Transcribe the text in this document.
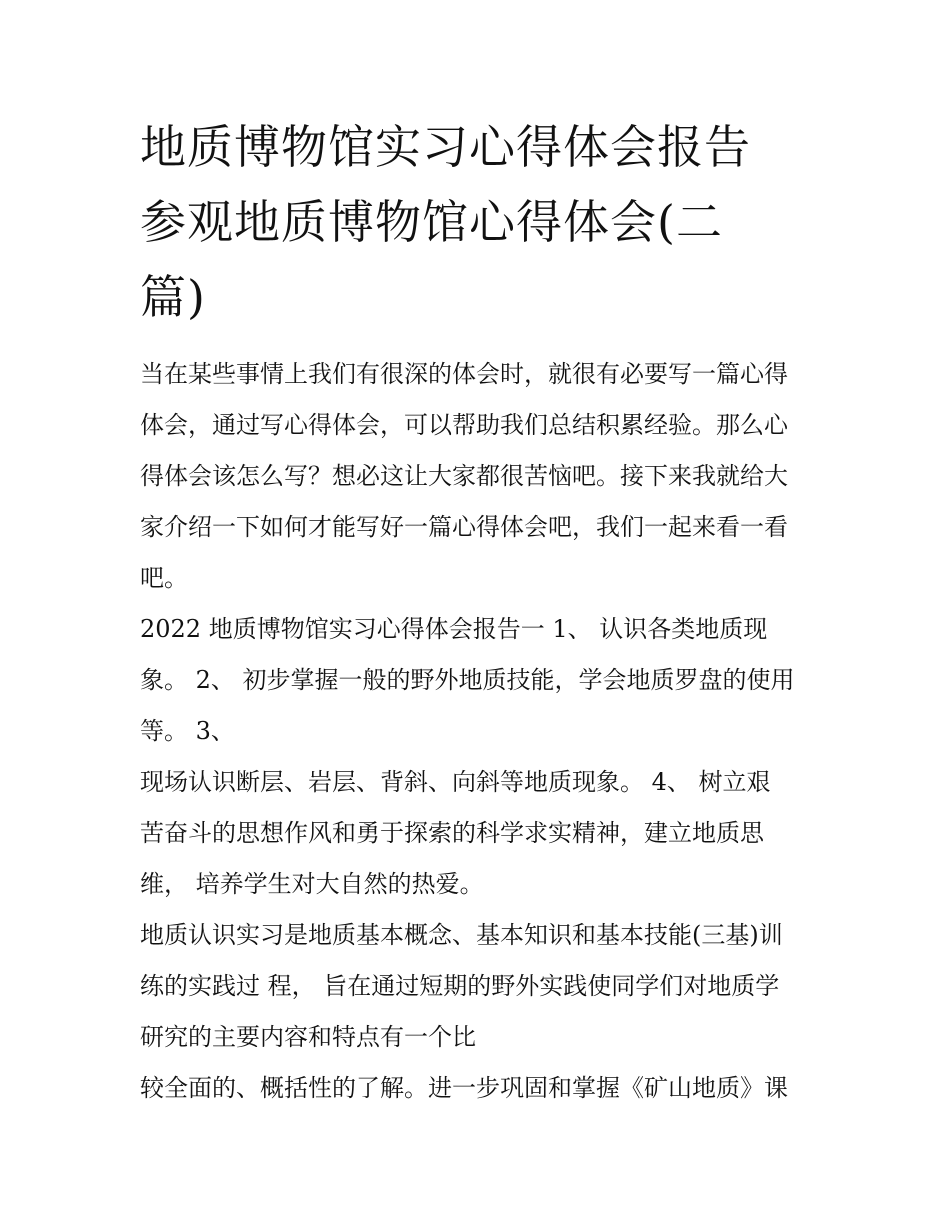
地质博物馆实习心得体会报告
参观地质博物馆心得体会(二
篇)

当在某些事情上我们有很深的体会时，就很有必要写一篇心得
体会，通过写心得体会，可以帮助我们总结积累经验。那么心
得体会该怎么写？想必这让大家都很苦恼吧。接下来我就给大
家介绍一下如何才能写好一篇心得体会吧，我们一起来看一看
吧。

2022 地质博物馆实习心得体会报告一 1、 认识各类地质现
象。 2、 初步掌握一般的野外地质技能，学会地质罗盘的使用
等。 3、

现场认识断层、岩层、背斜、向斜等地质现象。 4、 树立艰
苦奋斗的思想作风和勇于探索的科学求实精神，建立地质思
维， 培养学生对大自然的热爱。

地质认识实习是地质基本概念、基本知识和基本技能(三基)训
练的实践过 程， 旨在通过短期的野外实践使同学们对地质学
研究的主要内容和特点有一个比

较全面的、概括性的了解。进一步巩固和掌握《矿山地质》课
